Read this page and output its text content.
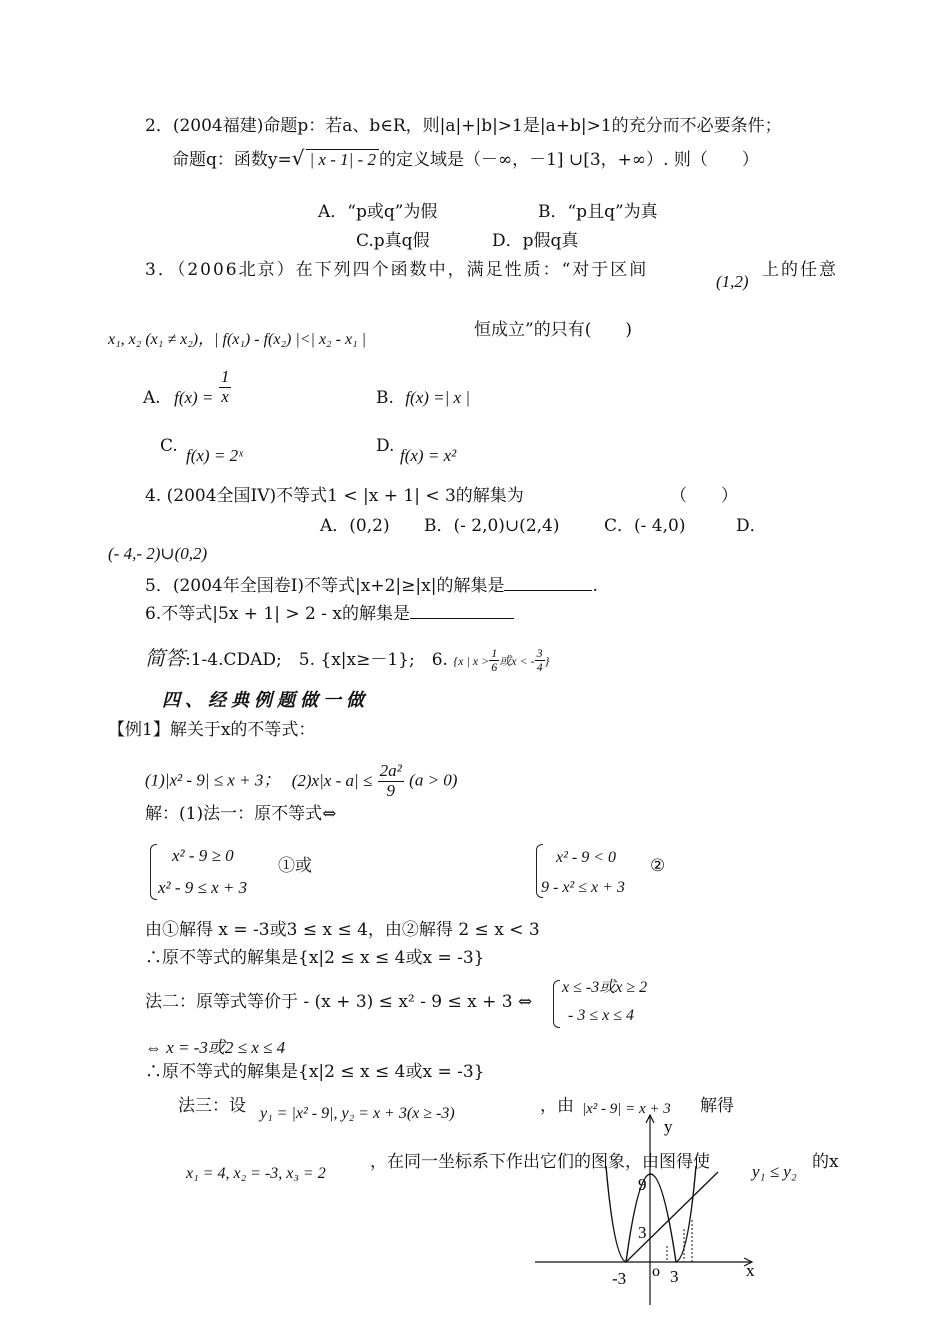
2．(2004福建)命题p：若a、b∈R，则|a|+|b|>1是|a+b|>1的充分而不必要条件；
命题q：函数y=√ | x - 1| - 2 的定义域是（－∞，－1] ∪[3，+∞）. 则（　　）
A．“p或q”为假	B．“p且q”为真
C.p真q假	D．p假q真
3．（2006北京）在下列四个函数中，满足性质：“对于区间
(1,2)
上的任意
x₁, x₂ (x₁ ≠ x₂)，| f(x₁) - f(x₂) |<| x₂ - x₁ |	恒成立”的只有(　　)
A. $f(x) = \frac{1}{x}$	B. f(x) =| x |
C. f(x) = 2ˣ	D. f(x) = x²
4. (2004全国IV)不等式1 < |x + 1| < 3的解集为	（　　）
A．(0,2) B．(- 2,0)∪(2,4)	C．(- 4,0)	D．
(- 4,- 2)∪(0,2)
5．(2004年全国卷I)不等式|x+2|≥|x|的解集是	.
6.不等式|5x + 1| > 2 - x的解集是
简答:1-4.CDAD;　5. {x|x≥－1};　6. {x | $x > \frac{1}{6}$ 或x < - $\frac{3}{4}$ }
四、经典例题做一做
【例1】解关于x的不等式：
(1)|x² - 9| ≤ x + 3； $(2)x|x - a| \le \frac{\text{2a²}}{9} (a > 0)$
解：(1)法一：原不等式⇔
x² - 9 ≥ 0
x² - 9 ≤ x + 3
①或	x² - 9 < 0
9 - x² ≤ x + 3
②
由①解得 x = -3或3 ≤ x ≤ 4，由②解得 2 ≤ x < 3
∴原不等式的解集是{x|2 ≤ x ≤ 4或x = -3}
法二：原等式等价于 - (x + 3) ≤ x² - 9 ≤ x + 3 ⇔
x ≤ -3或x ≥ 2
- 3 ≤ x ≤ 4
⇔ x = -3或2 ≤ x ≤ 4
∴原不等式的解集是{x|2 ≤ x ≤ 4或x = -3}
法三：设 y₁ = |x² - 9|, y₂ = x + 3(x ≥ -3)	，由 |x² - 9| = x + 3 解得
x₁ = 4, x₂ = -3, x₃ = 2
，在同一坐标系下作出它们的图象，由图得使 y₁ ≤ y₂ 的x
y
x
o
9
3
-3	3
